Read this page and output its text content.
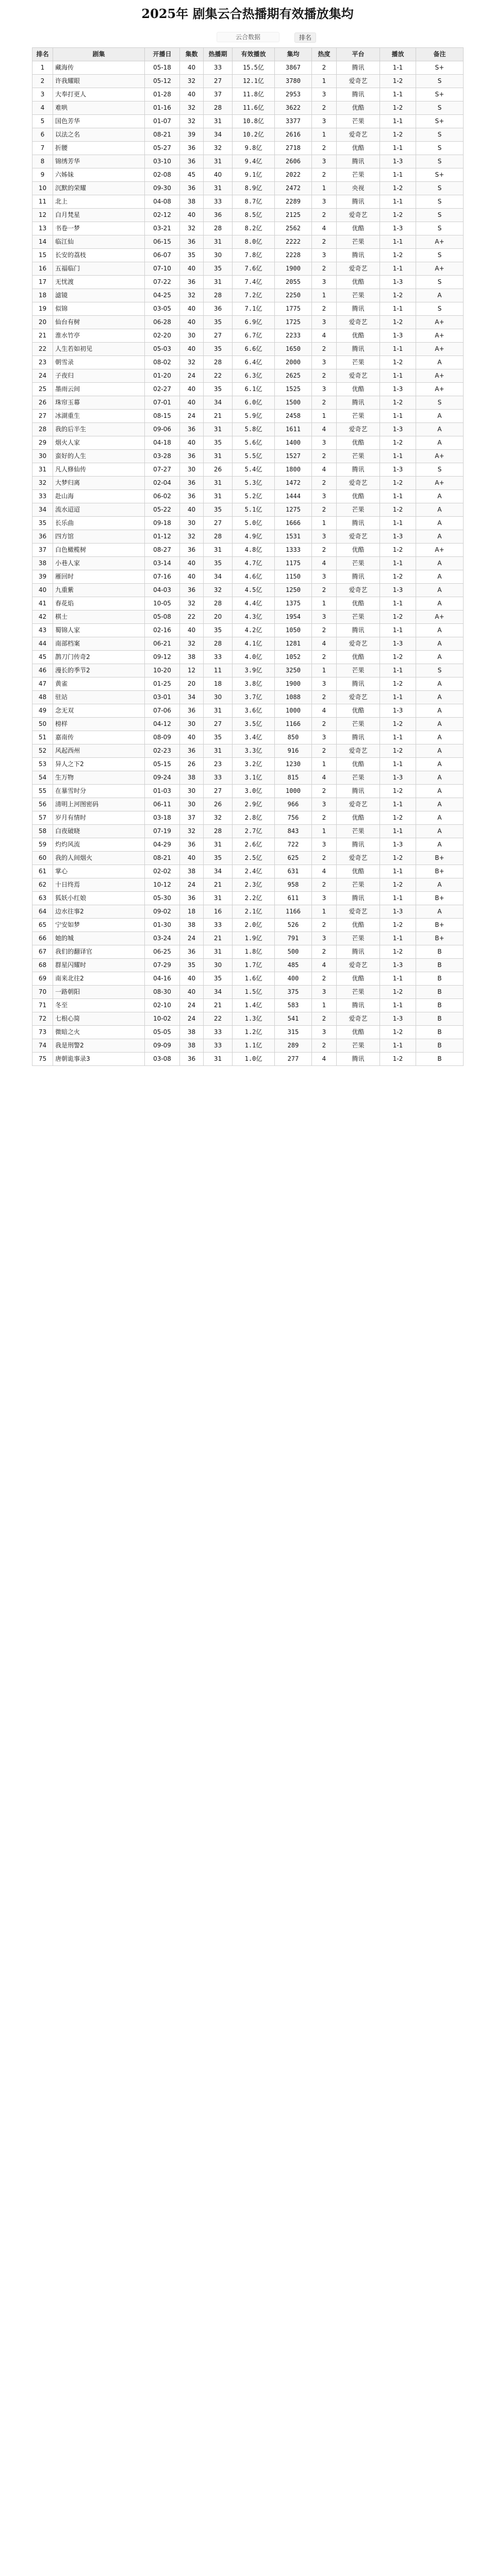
2025年 剧集云合热播期有效播放集均
云合数据	排名
排名	剧集	开播日	集数	热播期	有效播放	集均	热度	平台	播放	备注
1	藏海传	05-18	40	33	15.5亿	3867	2	腾讯	1-1	S+
2	许我耀眼	05-12	32	27	12.1亿	3780	1	爱奇艺	1-2	S
3	大奉打更人	01-28	40	37	11.8亿	2953	3	腾讯	1-1	S+
4	难哄	01-16	32	28	11.6亿	3622	2	优酷	1-2	S
5	国色芳华	01-07	32	31	10.8亿	3377	3	芒果	1-1	S+
6	以法之名	08-21	39	34	10.2亿	2616	1	爱奇艺	1-2	S
7	折腰	05-27	36	32	9.8亿	2718	2	优酷	1-1	S
8	锦绣芳华	03-10	36	31	9.4亿	2606	3	腾讯	1-3	S
9	六姊妹	02-08	45	40	9.1亿	2022	2	芒果	1-1	S+
10	沉默的荣耀	09-30	36	31	8.9亿	2472	1	央视	1-2	S
11	北上	04-08	38	33	8.7亿	2289	3	腾讯	1-1	S
12	白月梵星	02-12	40	36	8.5亿	2125	2	爱奇艺	1-2	S
13	书卷一梦	03-21	32	28	8.2亿	2562	4	优酷	1-3	S
14	临江仙	06-15	36	31	8.0亿	2222	2	芒果	1-1	A+
15	长安的荔枝	06-07	35	30	7.8亿	2228	3	腾讯	1-2	S
16	五福临门	07-10	40	35	7.6亿	1900	2	爱奇艺	1-1	A+
17	无忧渡	07-22	36	31	7.4亿	2055	3	优酷	1-3	S
18	滤镜	04-25	32	28	7.2亿	2250	1	芒果	1-2	A
19	似锦	03-05	40	36	7.1亿	1775	2	腾讯	1-1	S
20	仙台有树	06-28	40	35	6.9亿	1725	3	爱奇艺	1-2	A+
21	淮水竹亭	02-20	30	27	6.7亿	2233	4	优酷	1-3	A+
22	人生若如初见	05-03	40	35	6.6亿	1650	2	腾讯	1-1	A+
23	朝雪录	08-02	32	28	6.4亿	2000	3	芒果	1-2	A
24	子夜归	01-20	24	22	6.3亿	2625	2	爱奇艺	1-1	A+
25	墨雨云间	02-27	40	35	6.1亿	1525	3	优酷	1-3	A+
26	珠帘玉幕	07-01	40	34	6.0亿	1500	2	腾讯	1-2	S
27	冰湖重生	08-15	24	21	5.9亿	2458	1	芒果	1-1	A
28	我的后半生	09-06	36	31	5.8亿	1611	4	爱奇艺	1-3	A
29	烟火人家	04-18	40	35	5.6亿	1400	3	优酷	1-2	A
30	蛮好的人生	03-28	36	31	5.5亿	1527	2	芒果	1-1	A+
31	凡人修仙传	07-27	30	26	5.4亿	1800	4	腾讯	1-3	S
32	大梦归离	02-04	36	31	5.3亿	1472	2	爱奇艺	1-2	A+
33	赴山海	06-02	36	31	5.2亿	1444	3	优酷	1-1	A
34	流水迢迢	05-22	40	35	5.1亿	1275	2	芒果	1-2	A
35	长乐曲	09-18	30	27	5.0亿	1666	1	腾讯	1-1	A
36	四方馆	01-12	32	28	4.9亿	1531	3	爱奇艺	1-3	A
37	白色橄榄树	08-27	36	31	4.8亿	1333	2	优酷	1-2	A+
38	小巷人家	03-14	40	35	4.7亿	1175	4	芒果	1-1	A
39	雁回时	07-16	40	34	4.6亿	1150	3	腾讯	1-2	A
40	九重紫	04-03	36	32	4.5亿	1250	2	爱奇艺	1-3	A
41	春花焰	10-05	32	28	4.4亿	1375	1	优酷	1-1	A
42	棋士	05-08	22	20	4.3亿	1954	3	芒果	1-2	A+
43	蜀锦人家	02-16	40	35	4.2亿	1050	2	腾讯	1-1	A
44	南部档案	06-21	32	28	4.1亿	1281	4	爱奇艺	1-3	A
45	鹊刀门传奇2	09-12	38	33	4.0亿	1052	2	优酷	1-2	A
46	漫长的季节2	10-20	12	11	3.9亿	3250	1	芒果	1-1	S
47	黄雀	01-25	20	18	3.8亿	1900	3	腾讯	1-2	A
48	驻站	03-01	34	30	3.7亿	1088	2	爱奇艺	1-1	A
49	念无双	07-06	36	31	3.6亿	1000	4	优酷	1-3	A
50	榜样	04-12	30	27	3.5亿	1166	2	芒果	1-2	A
51	嘉南传	08-09	40	35	3.4亿	850	3	腾讯	1-1	A
52	风起西州	02-23	36	31	3.3亿	916	2	爱奇艺	1-2	A
53	异人之下2	05-15	26	23	3.2亿	1230	1	优酷	1-1	A
54	生万物	09-24	38	33	3.1亿	815	4	芒果	1-3	A
55	在暴雪时分	01-03	30	27	3.0亿	1000	2	腾讯	1-2	A
56	清明上河图密码	06-11	30	26	2.9亿	966	3	爱奇艺	1-1	A
57	岁月有情时	03-18	37	32	2.8亿	756	2	优酷	1-2	A
58	白夜破晓	07-19	32	28	2.7亿	843	1	芒果	1-1	A
59	灼灼风流	04-29	36	31	2.6亿	722	3	腾讯	1-3	A
60	我的人间烟火	08-21	40	35	2.5亿	625	2	爱奇艺	1-2	B+
61	掌心	02-02	38	34	2.4亿	631	4	优酷	1-1	B+
62	十日终焉	10-12	24	21	2.3亿	958	2	芒果	1-2	A
63	狐妖小红娘	05-30	36	31	2.2亿	611	3	腾讯	1-1	B+
64	边水往事2	09-02	18	16	2.1亿	1166	1	爱奇艺	1-3	A
65	宁安如梦	01-30	38	33	2.0亿	526	2	优酷	1-2	B+
66	她的城	03-24	24	21	1.9亿	791	3	芒果	1-1	B+
67	我们的翻译官	06-25	36	31	1.8亿	500	2	腾讯	1-2	B
68	群星闪耀时	07-29	35	30	1.7亿	485	4	爱奇艺	1-3	B
69	南来北往2	04-16	40	35	1.6亿	400	2	优酷	1-1	B
70	一路朝阳	08-30	40	34	1.5亿	375	3	芒果	1-2	B
71	冬至	02-10	24	21	1.4亿	583	1	腾讯	1-1	B
72	七根心简	10-02	24	22	1.3亿	541	2	爱奇艺	1-3	B
73	微暗之火	05-05	38	33	1.2亿	315	3	优酷	1-2	B
74	我是刑警2	09-09	38	33	1.1亿	289	2	芒果	1-1	B
75	唐朝诡事录3	03-08	36	31	1.0亿	277	4	腾讯	1-2	B
